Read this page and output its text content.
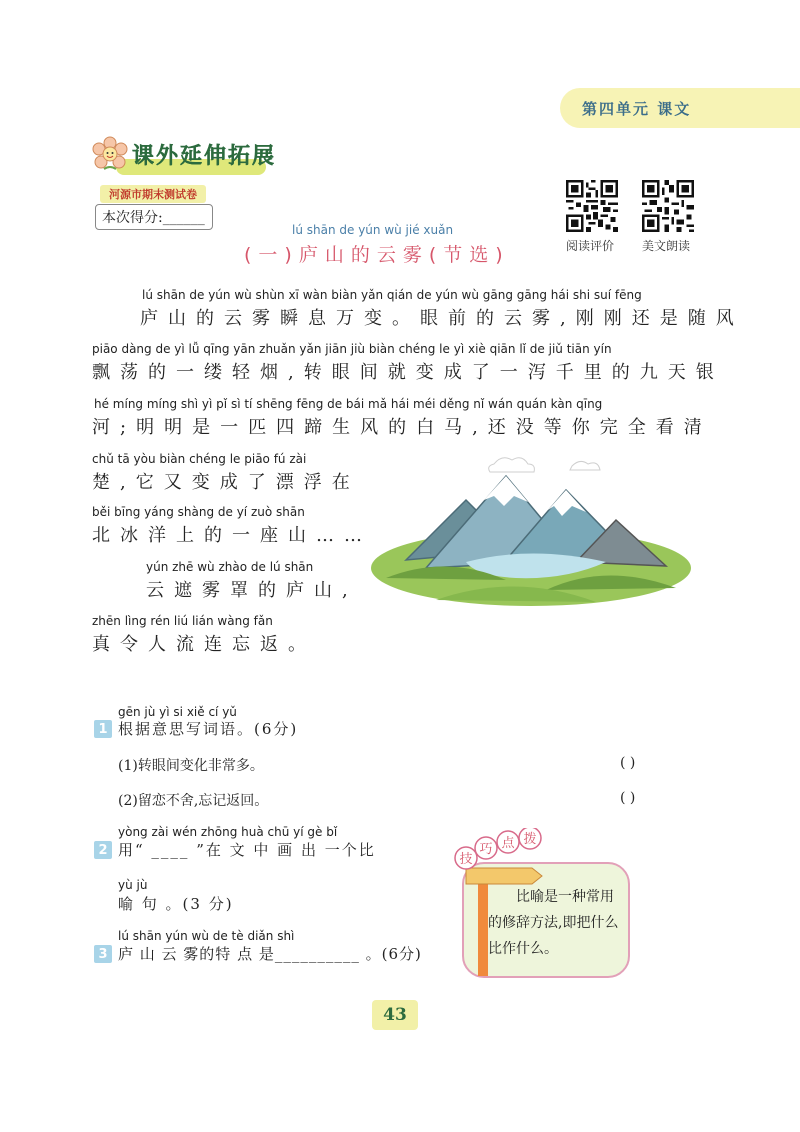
第四单元 课文
课外延伸拓展
河源市期末测试卷
本次得分:______
阅读评价 美文朗读
lú shān de yún wù jié xuǎn
(一)庐山的云雾(节选)
lú shān de yún wù shùn xī wàn biàn yǎn qián de yún wù gāng gāng hái shi suí fēng
庐山的云雾瞬息万变。眼前的云雾,刚刚还是随风
piāo dàng de yì lǚ qīng yān zhuǎn yǎn jiān jiù biàn chéng le yì xiè qiān lǐ de jiǔ tiān yín
飘荡的一缕轻烟,转眼间就变成了一泻千里的九天银
hé míng míng shì yì pǐ sì tí shēng fēng de bái mǎ hái méi děng nǐ wán quán kàn qīng
河;明明是一匹四蹄生风的白马,还没等你完全看清
chǔ tā yòu biàn chéng le piāo fú zài
楚,它又变成了漂浮在
běi bīng yáng shàng de yí zuò shān
北冰洋上的一座山……
yún zhē wù zhào de lú shān
云遮雾罩的庐山,
zhēn lìng rén liú lián wàng fǎn
真令人流连忘返。
gēn jù yì si xiě cí yǔ
1 根据意思写词语。(6分)
(1)转眼间变化非常多。	( )
(2)留恋不舍,忘记返回。	( )
yòng zài wén zhōng huà chū yí gè bǐ
2 用“ ____ ”在 文 中 画 出 一个比
yù jù
喻 句 。(3 分)
lú shān yún wù de tè diǎn shì
3 庐 山 云 雾的特 点 是__________ 。(6分)
比喻是一种常用的修辞方法,即把什么比作什么。
技
巧 点 拨
43
